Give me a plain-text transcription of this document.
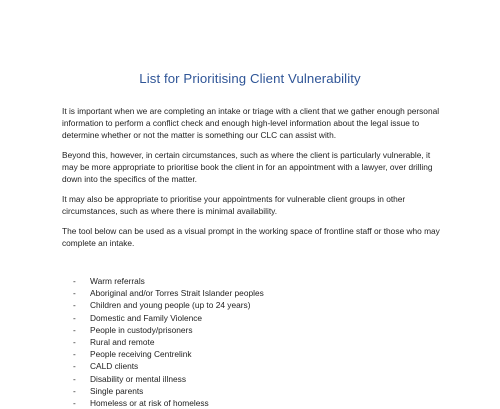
List for Prioritising Client Vulnerability

It is important when we are completing an intake or triage with a client that we gather enough personal information to perform a conflict check and enough high-level information about the legal issue to determine whether or not the matter is something our CLC can assist with.

Beyond this, however, in certain circumstances, such as where the client is particularly vulnerable, it may be more appropriate to prioritise book the client in for an appointment with a lawyer, over drilling down into the specifics of the matter.

It may also be appropriate to prioritise your appointments for vulnerable client groups in other circumstances, such as where there is minimal availability.

The tool below can be used as a visual prompt in the working space of frontline staff or those who may complete an intake.

- Warm referrals
- Aboriginal and/or Torres Strait Islander peoples
- Children and young people (up to 24 years)
- Domestic and Family Violence
- People in custody/prisoners
- Rural and remote
- People receiving Centrelink
- CALD clients
- Disability or mental illness
- Single parents
- Homeless or at risk of homeless
